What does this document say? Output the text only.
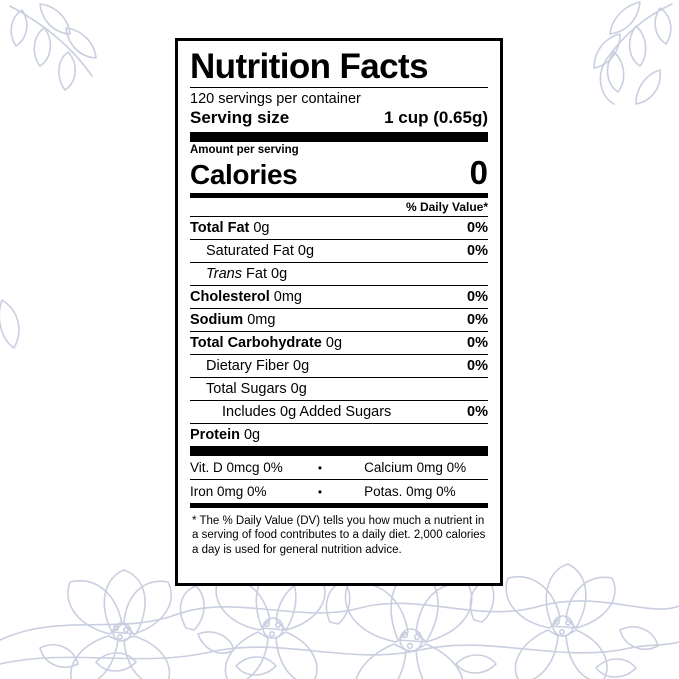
Nutrition Facts
120 servings per container
Serving size	1 cup (0.65g)
Amount per serving
Calories	0
% Daily Value*
Total Fat 0g	0%
Saturated Fat 0g	0%
Trans Fat 0g
Cholesterol 0mg	0%
Sodium 0mg	0%
Total Carbohydrate 0g	0%
Dietary Fiber 0g	0%
Total Sugars 0g
Includes 0g Added Sugars	0%
Protein 0g
Vit. D 0mcg 0%	•	Calcium 0mg 0%
Iron 0mg 0%	•	Potas. 0mg 0%
* The % Daily Value (DV) tells you how much a nutrient in a serving of food contributes to a daily diet. 2,000 calories a day is used for general nutrition advice.
